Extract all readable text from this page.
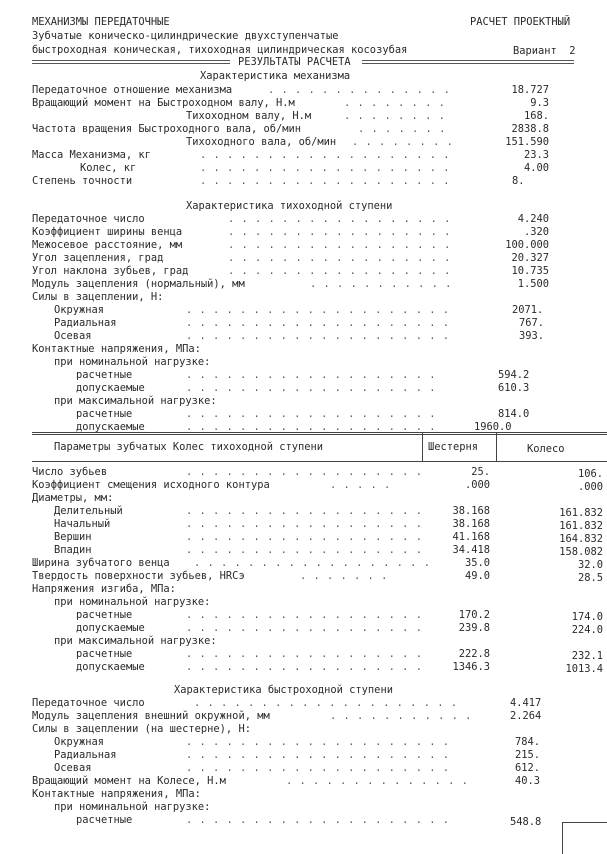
МЕХАНИЗМЫ ПЕРЕДАТОЧНЫЕ	РАСЧЕТ ПРОЕКТНЫЙ
Зубчатые коническо-цилиндрические двухступенчатые
быстроходная коническая, тихоходная цилиндрическая косозубая	Вариант  2
РЕЗУЛЬТАТЫ РАСЧЕТА
Характеристика механизма
Передаточное отношение механизма	. . . . . . . . . . . . . .	18.727
Вращающий момент на Быстроходном валу, Н.м	. . . . . . . .	9.3
Тихоходном валу, Н.м	. . . . . . . .	168.
Частота вращения Быстроходного вала, об/мин	. . . . . . .	2838.8
Тихоходного вала, об/мин . . . . . . . .	151.590
Масса Механизма, кг	. . . . . . . . . . . . . . . . . . .	23.3
Колес, кг	. . . . . . . . . . . . . . . . . . .	4.00
Степень точности	. . . . . . . . . . . . . . . . . . .	8.
Характеристика тихоходной ступени
Передаточное число	. . . . . . . . . . . . . . . . .	4.240
Коэффициент ширины венца	. . . . . . . . . . . . . . . . .	.320
Межосевое расстояние, мм	. . . . . . . . . . . . . . . . .	100.000
Угол зацепления, град	. . . . . . . . . . . . . . . . .	20.327
Угол наклона зубьев, град	. . . . . . . . . . . . . . . . .	10.735
Модуль зацепления (нормальный), мм	. . . . . . . . . . .	1.500
Силы в зацеплении, Н:
Окружная	. . . . . . . . . . . . . . . . . . . .	2071.
Радиальная	. . . . . . . . . . . . . . . . . . . .	767.
Осевая	. . . . . . . . . . . . . . . . . . . .	393.
Контактные напряжения, МПа:
при номинальной нагрузке:
расчетные	. . . . . . . . . . . . . . . . . . .	594.2
допускаемые	. . . . . . . . . . . . . . . . . . .	610.3
при максимальной нагрузке:
расчетные	. . . . . . . . . . . . . . . . . . .	814.0
допускаемые	. . . . . . . . . . . . . . . . . . .	1960.0
Параметры зубчатых Колес тихоходной ступени	Шестерня	Колесо
Число зубьев	. . . . . . . . . . . . . . . . . .	25.	106.
Коэффициент смещения исходного контура	. . . . .	.000	.000
Диаметры, мм:
Делительный	. . . . . . . . . . . . . . . . . .	38.168	161.832
Начальный	. . . . . . . . . . . . . . . . . .	38.168	161.832
Вершин	. . . . . . . . . . . . . . . . . .	41.168	164.832
Впадин	. . . . . . . . . . . . . . . . . .	34.418	158.082
Ширина зубчатого венца . . . . . . . . . . . . . . . . . .	35.0	32.0
Твердость поверхности зубьев, HRCэ	. . . . . . .	49.0	28.5
Напряжения изгиба, МПа:
при номинальной нагрузке:
расчетные	. . . . . . . . . . . . . . . . . .	170.2	174.0
допускаемые	. . . . . . . . . . . . . . . . . .	239.8	224.0
при максимальной нагрузке:
расчетные	. . . . . . . . . . . . . . . . . .	222.8	232.1
допускаемые	. . . . . . . . . . . . . . . . . .	1346.3	1013.4
Характеристика быстроходной ступени
Передаточное число	. . . . . . . . . . . . . . . . . . . .	4.417
Модуль зацепления внешний окружной, мм	. . . . . . . . . . .	2.264
Силы в зацеплении (на шестерне), Н:
Окружная	. . . . . . . . . . . . . . . . . . . .	784.
Радиальная	. . . . . . . . . . . . . . . . . . . .	215.
Осевая	. . . . . . . . . . . . . . . . . . . .	612.
Вращающий момент на Колесе, Н.м	. . . . . . . . . . . . . .	40.3
Контактные напряжения, МПа:
при номинальной нагрузке:
расчетные	. . . . . . . . . . . . . . . . . . . .	548.8
